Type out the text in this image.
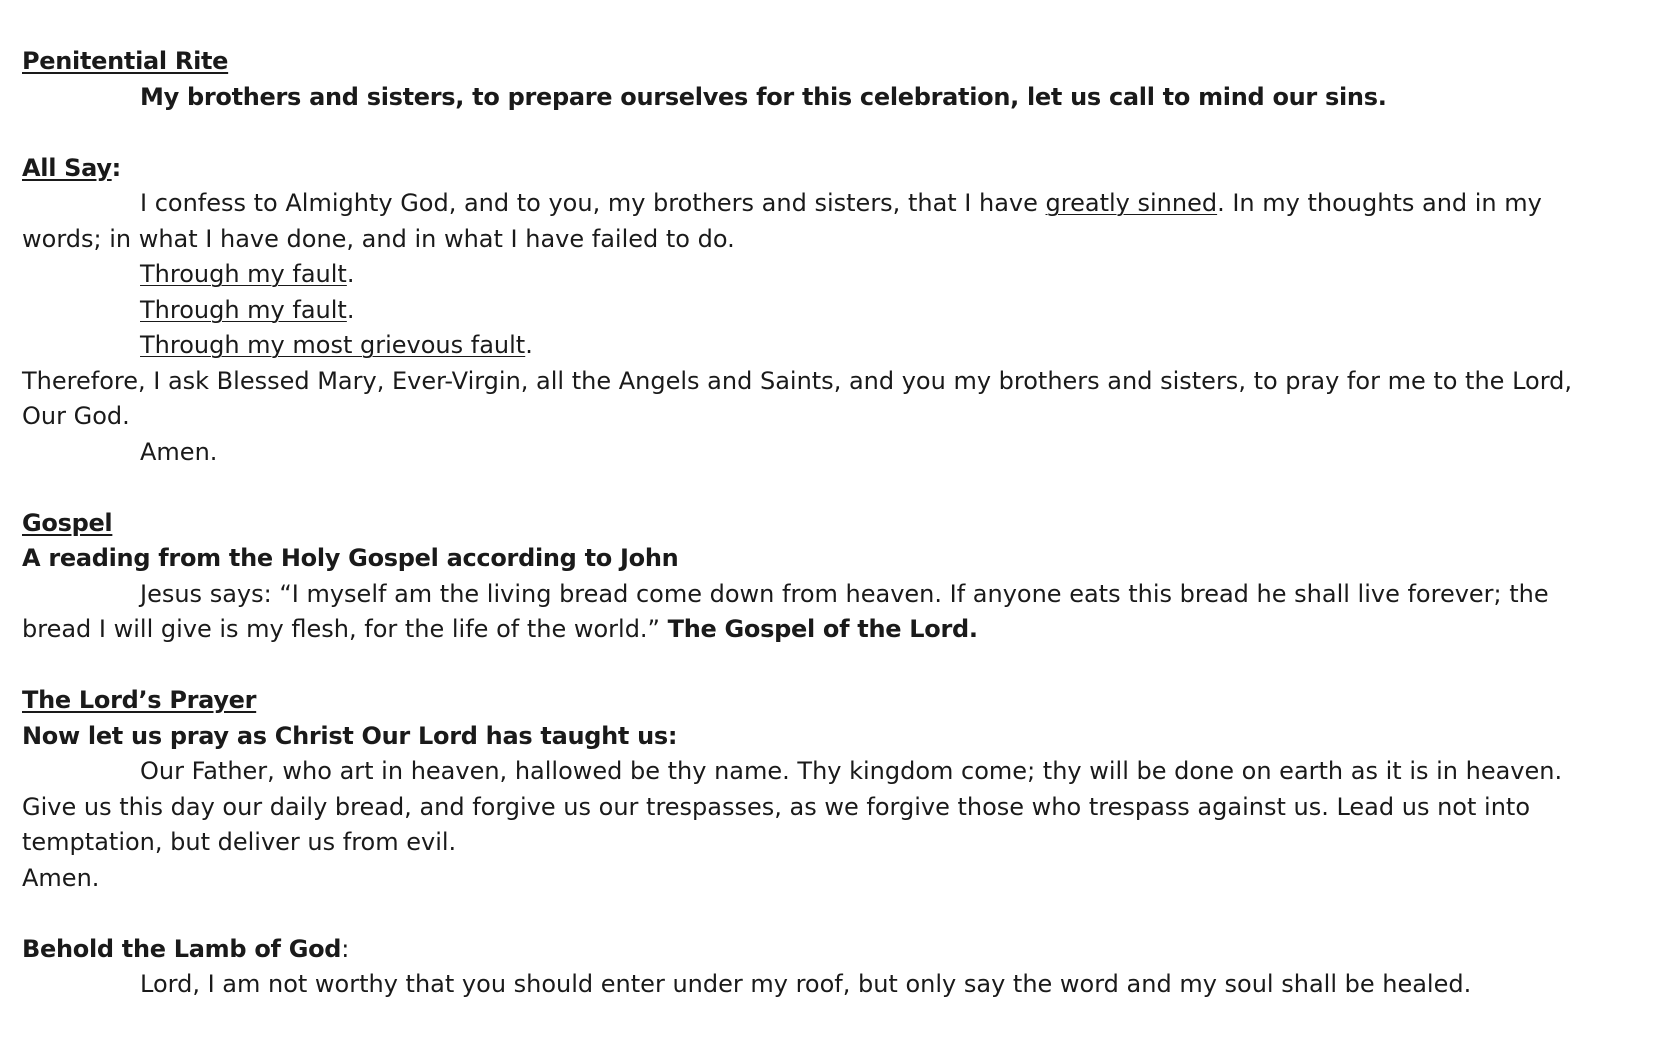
Penitential Rite
My brothers and sisters, to prepare ourselves for this celebration, let us call to mind our sins.
All Say:

I confess to Almighty God, and to you, my brothers and sisters, that I have greatly sinned. In my thoughts and in my words; in what I have done, and in what I have failed to do.

Through my fault.
Through my fault.
Through my most grievous fault.

Therefore, I ask Blessed Mary, Ever-Virgin, all the Angels and Saints, and you my brothers and sisters, to pray for me to the Lord, Our God.

Amen.
Gospel
A reading from the Holy Gospel according to John

Jesus says: “I myself am the living bread come down from heaven. If anyone eats this bread he shall live forever; the bread I will give is my flesh, for the life of the world.” The Gospel of the Lord.

The Lord’s Prayer
Now let us pray as Christ Our Lord has taught us:

Our Father, who art in heaven, hallowed be thy name. Thy kingdom come; thy will be done on earth as it is in heaven. Give us this day our daily bread, and forgive us our trespasses, as we forgive those who trespass against us. Lead us not into temptation, but deliver us from evil.

Amen.
Behold the Lamb of God:
Lord, I am not worthy that you should enter under my roof, but only say the word and my soul shall be healed.
